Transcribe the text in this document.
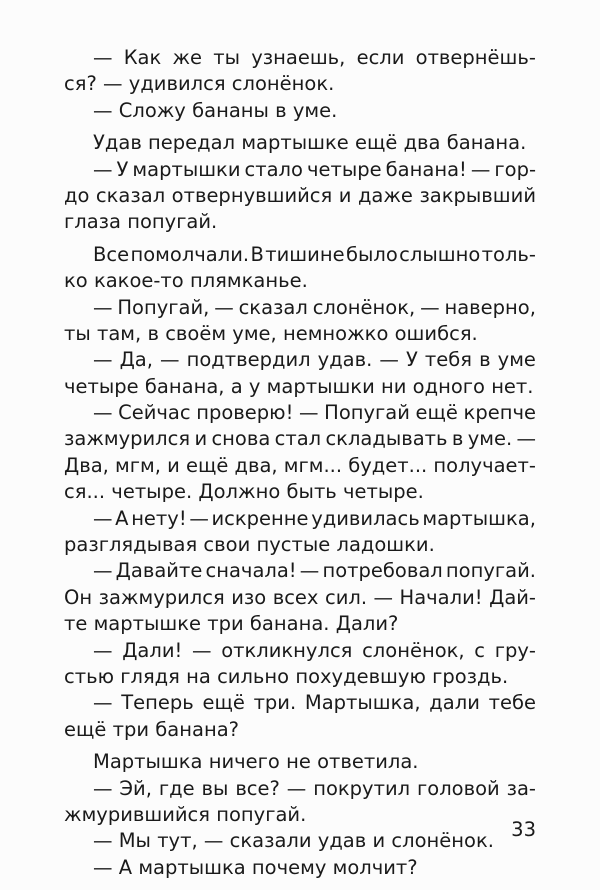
— Как же ты узнаешь, если отвернёшь-
ся? — удивился слонёнок.
— Сложу бананы в уме.
Удав передал мартышке ещё два банана.
— У мартышки стало четыре банана! — гор-
до сказал отвернувшийся и даже закрывший
глаза попугай.
Все помолчали. В тишине было слышно толь-
ко какое-то плямканье.
— Попугай, — сказал слонёнок, — наверно,
ты там, в своём уме, немножко ошибся.
— Да, — подтвердил удав. — У тебя в уме
четыре банана, а у мартышки ни одного нет.
— Сейчас проверю! — Попугай ещё крепче
зажмурился и снова стал складывать в уме. —
Два, мгм, и ещё два, мгм... будет... получает-
ся... четыре. Должно быть четыре.
— А нету! — искренне удивилась мартышка,
разглядывая свои пустые ладошки.
— Давайте сначала! — потребовал попугай.
Он зажмурился изо всех сил. — Начали! Дай-
те мартышке три банана. Дали?
— Дали! — откликнулся слонёнок, с гру-
стью глядя на сильно похудевшую гроздь.
— Теперь ещё три. Мартышка, дали тебе
ещё три банана?
Мартышка ничего не ответила.
— Эй, где вы все? — покрутил головой за-
жмурившийся попугай.
— Мы тут, — сказали удав и слонёнок.
— А мартышка почему молчит?
33
